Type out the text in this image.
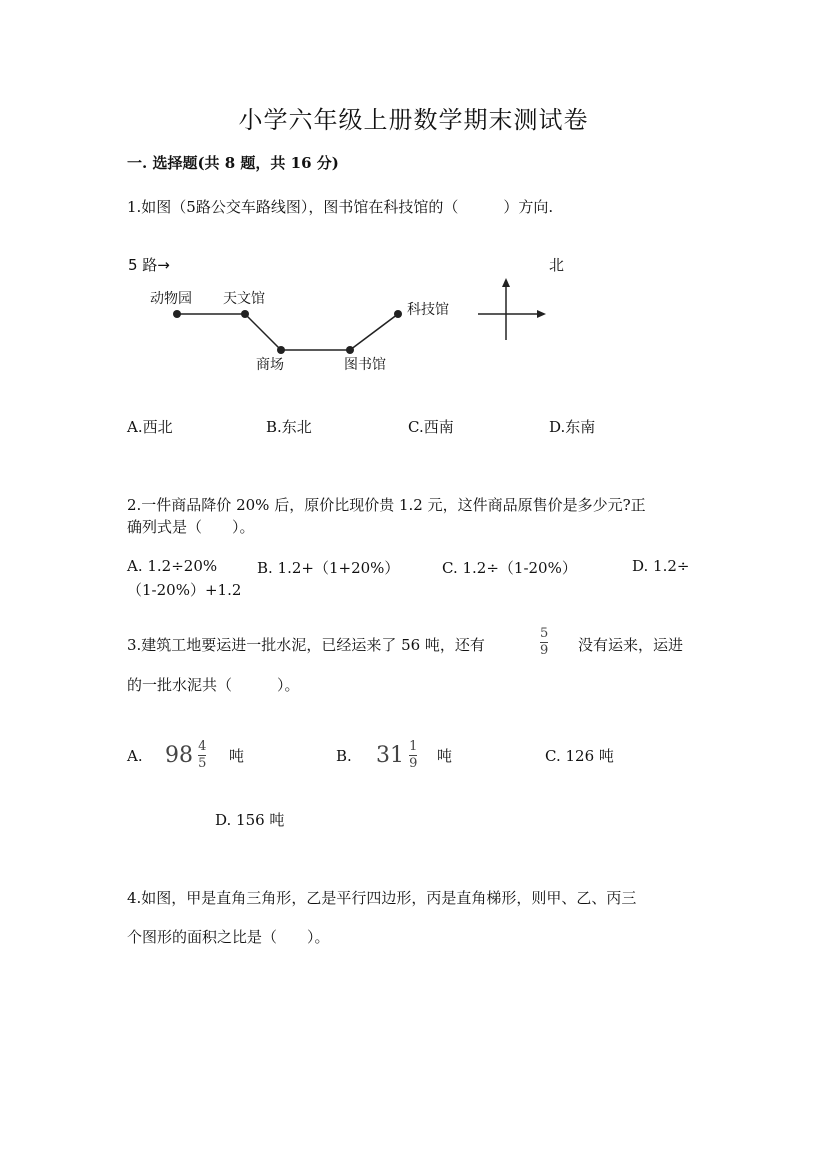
小学六年级上册数学期末测试卷
一. 选择题(共 8 题，共 16 分)
1.如图（5路公交车路线图），图书馆在科技馆的（　　　）方向.
5 路→	北
动物园 天文馆
商场	图书馆
科技馆
A.西北	B.东北	C.西南	D.东南
2.一件商品降价 20% 后，原价比现价贵 1.2 元，这件商品原售价是多少元?正
确列式是（　　）。
A. 1.2÷20%	B. 1.2+（1+20%）	C. 1.2÷（1-20%）	D. 1.2÷
（1-20%）+1.2
3.建筑工地要运进一批水泥，已经运来了 56 吨，还有
5
9 没有运来，运进
的一批水泥共（　　　）。
A. $98 \frac{4}{5}$ 吨	B. $31 \frac{1}{9}$ 吨	C. 126 吨
D. 156 吨
4.如图，甲是直角三角形，乙是平行四边形，丙是直角梯形，则甲、乙、丙三
个图形的面积之比是（　　）。
